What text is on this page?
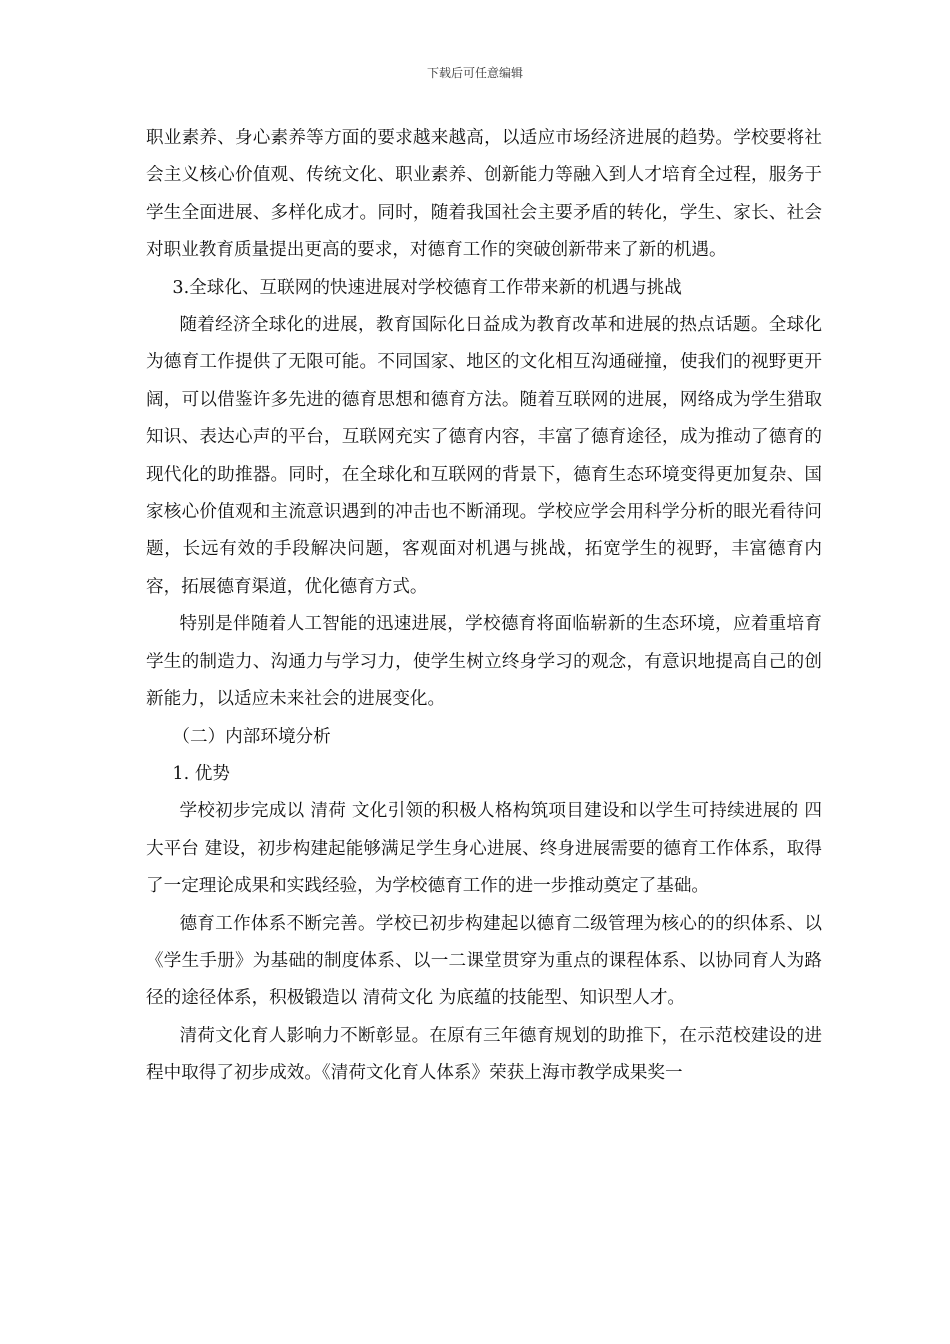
下载后可任意编辑

职业素养、身心素养等方面的要求越来越高，以适应市场经济进展的趋势。学校要将社会主义核心价值观、传统文化、职业素养、创新能力等融入到人才培育全过程，服务于学生全面进展、多样化成才。同时，随着我国社会主要矛盾的转化，学生、家长、社会对职业教育质量提出更高的要求，对德育工作的突破创新带来了新的机遇。

3.全球化、互联网的快速进展对学校德育工作带来新的机遇与挑战

随着经济全球化的进展，教育国际化日益成为教育改革和进展的热点话题。全球化为德育工作提供了无限可能。不同国家、地区的文化相互沟通碰撞，使我们的视野更开阔，可以借鉴许多先进的德育思想和德育方法。随着互联网的进展，网络成为学生猎取知识、表达心声的平台，互联网充实了德育内容，丰富了德育途径，成为推动了德育的现代化的助推器。同时，在全球化和互联网的背景下，德育生态环境变得更加复杂、国家核心价值观和主流意识遇到的冲击也不断涌现。学校应学会用科学分析的眼光看待问题，长远有效的手段解决问题，客观面对机遇与挑战，拓宽学生的视野，丰富德育内容，拓展德育渠道，优化德育方式。

特别是伴随着人工智能的迅速进展，学校德育将面临崭新的生态环境，应着重培育学生的制造力、沟通力与学习力，使学生树立终身学习的观念，有意识地提高自己的创新能力，以适应未来社会的进展变化。

（二）内部环境分析

1. 优势

学校初步完成以 清荷 文化引领的积极人格构筑项目建设和以学生可持续进展的 四大平台 建设，初步构建起能够满足学生身心进展、终身进展需要的德育工作体系，取得了一定理论成果和实践经验，为学校德育工作的进一步推动奠定了基础。

德育工作体系不断完善。学校已初步构建起以德育二级管理为核心的的织体系、以《学生手册》为基础的制度体系、以一二课堂贯穿为重点的课程体系、以协同育人为路径的途径体系，积极锻造以 清荷文化 为底蕴的技能型、知识型人才。

清荷文化育人影响力不断彰显。在原有三年德育规划的助推下，在示范校建设的进程中取得了初步成效。《清荷文化育人体系》荣获上海市教学成果奖一
